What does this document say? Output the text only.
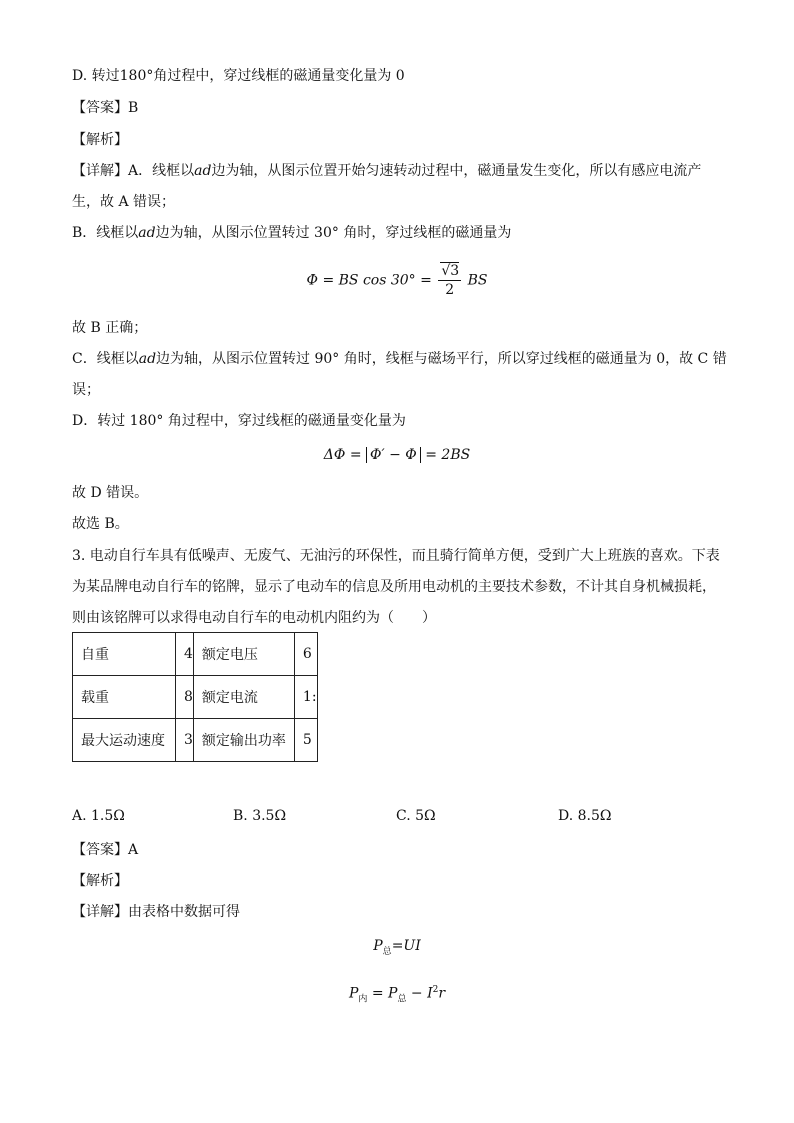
D. 转过180°角过程中，穿过线框的磁通量变化量为 0
【答案】B
【解析】
【详解】A．线框以ad边为轴，从图示位置开始匀速转动过程中，磁通量发生变化，所以有感应电流产
生，故 A 错误；
B．线框以ad边为轴，从图示位置转过 30° 角时，穿过线框的磁通量为
Φ = BS $\cos 30^\circ = \frac{√3}{2}$ BS
故 B 正确；
C．线框以ad边为轴，从图示位置转过 90° 角时，线框与磁场平行，所以穿过线框的磁通量为 0，故 C 错
误；
D．转过 180° 角过程中，穿过线框的磁通量变化量为
ΔΦ = Φ′ − Φ = 2BS
故 D 错误。
故选 B。
3. 电动自行车具有低噪声、无废气、无油污的环保性，而且骑行简单方便，受到广大上班族的喜欢。下表
为某品牌电动自行车的铭牌，显示了电动车的信息及所用电动机的主要技术参数，不计其自身机械损耗，
则由该铭牌可以求得电动自行车的电动机内阻约为（　　）
自重	4	额定电压	6
载重	8	额定电流	1:
最大运动速度	3	额定输出功率	5
A. 1.5Ω	B. 3.5Ω	C. 5Ω	D. 8.5Ω
【答案】A
【解析】
【详解】由表格中数据可得
$P_总=UI$
$P_内 = P_总 - I^2r$
